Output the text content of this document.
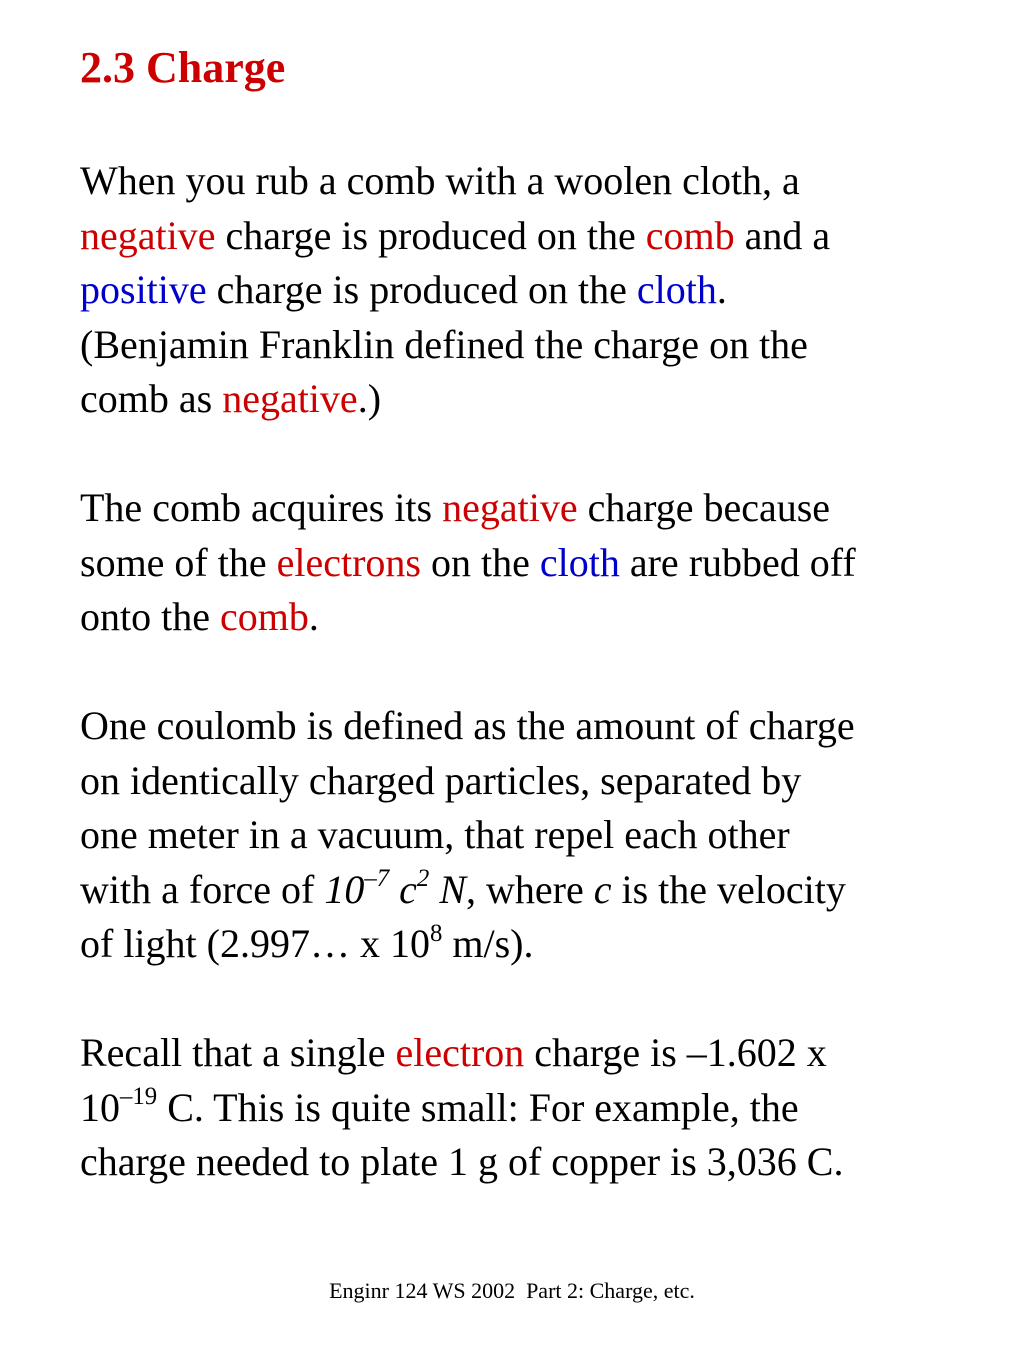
2.3 Charge

When you rub a comb with a woolen cloth, a
negative charge is produced on the comb and a
positive charge is produced on the cloth.
(Benjamin Franklin defined the charge on the
comb as negative.)

The comb acquires its negative charge because
some of the electrons on the cloth are rubbed off
onto the comb.

One coulomb is defined as the amount of charge
on identically charged particles, separated by
one meter in a vacuum, that repel each other
with a force of $10^{-7}$ $c^2$ N, where c is the velocity
of light (2.997… x $10^8$ m/s).

Recall that a single electron charge is –1.602 x
$10^{-19}$ C. This is quite small: For example, the
charge needed to plate 1 g of copper is 3,036 C.

Enginr 124 WS 2002  Part 2: Charge, etc.
